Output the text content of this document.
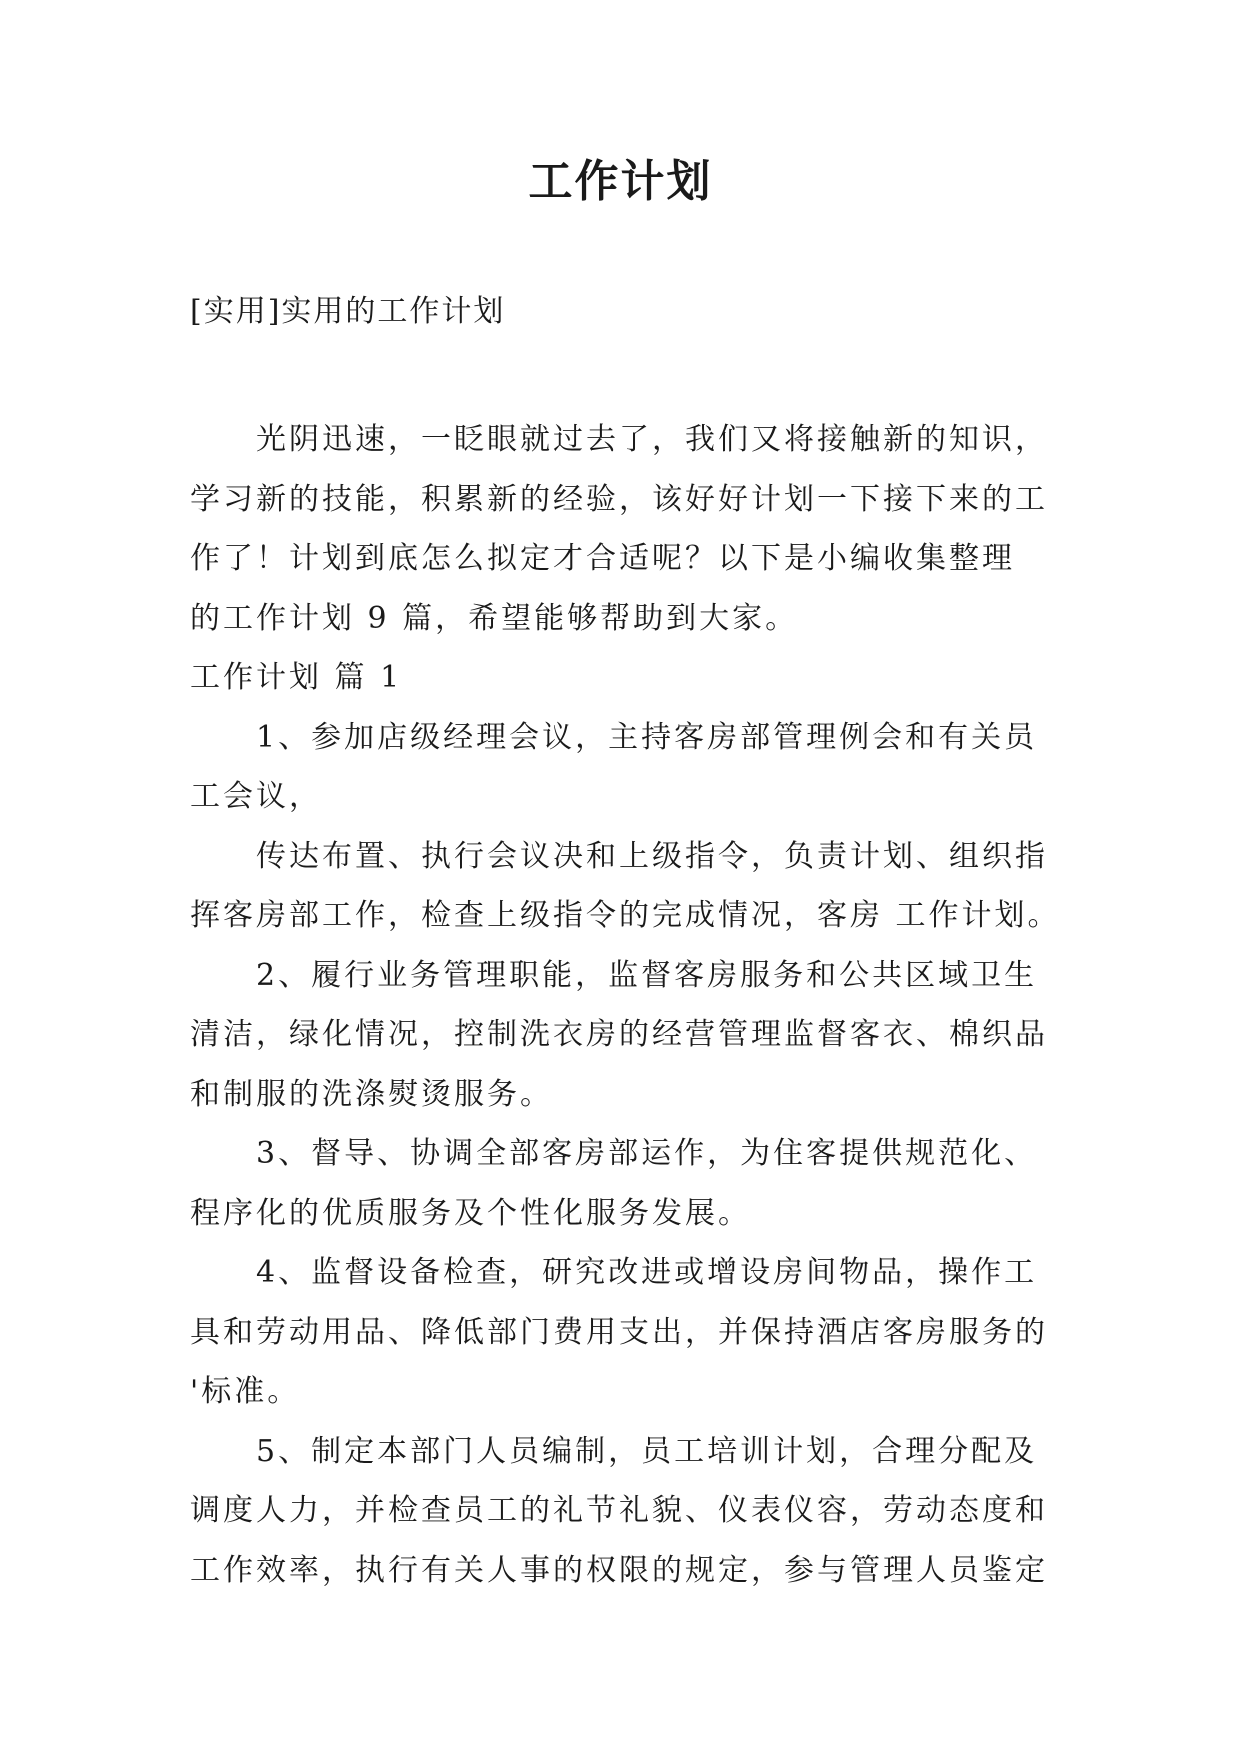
工作计划
[实用]实用的工作计划
光阴迅速，一眨眼就过去了，我们又将接触新的知识，
学习新的技能，积累新的经验，该好好计划一下接下来的工
作了！计划到底怎么拟定才合适呢？以下是小编收集整理
的工作计划 9 篇，希望能够帮助到大家。
工作计划 篇 1
1、参加店级经理会议，主持客房部管理例会和有关员
工会议，
传达布置、执行会议决和上级指令，负责计划、组织指
挥客房部工作，检查上级指令的完成情况，客房 工作计划。
2、履行业务管理职能，监督客房服务和公共区域卫生
清洁，绿化情况，控制洗衣房的经营管理监督客衣、棉织品
和制服的洗涤熨烫服务。
3、督导、协调全部客房部运作，为住客提供规范化、
程序化的优质服务及个性化服务发展。
4、监督设备检查，研究改进或增设房间物品，操作工
具和劳动用品、降低部门费用支出，并保持酒店客房服务的
'标准。
5、制定本部门人员编制，员工培训计划，合理分配及
调度人力，并检查员工的礼节礼貌、仪表仪容，劳动态度和
工作效率，执行有关人事的权限的规定，参与管理人员鉴定
